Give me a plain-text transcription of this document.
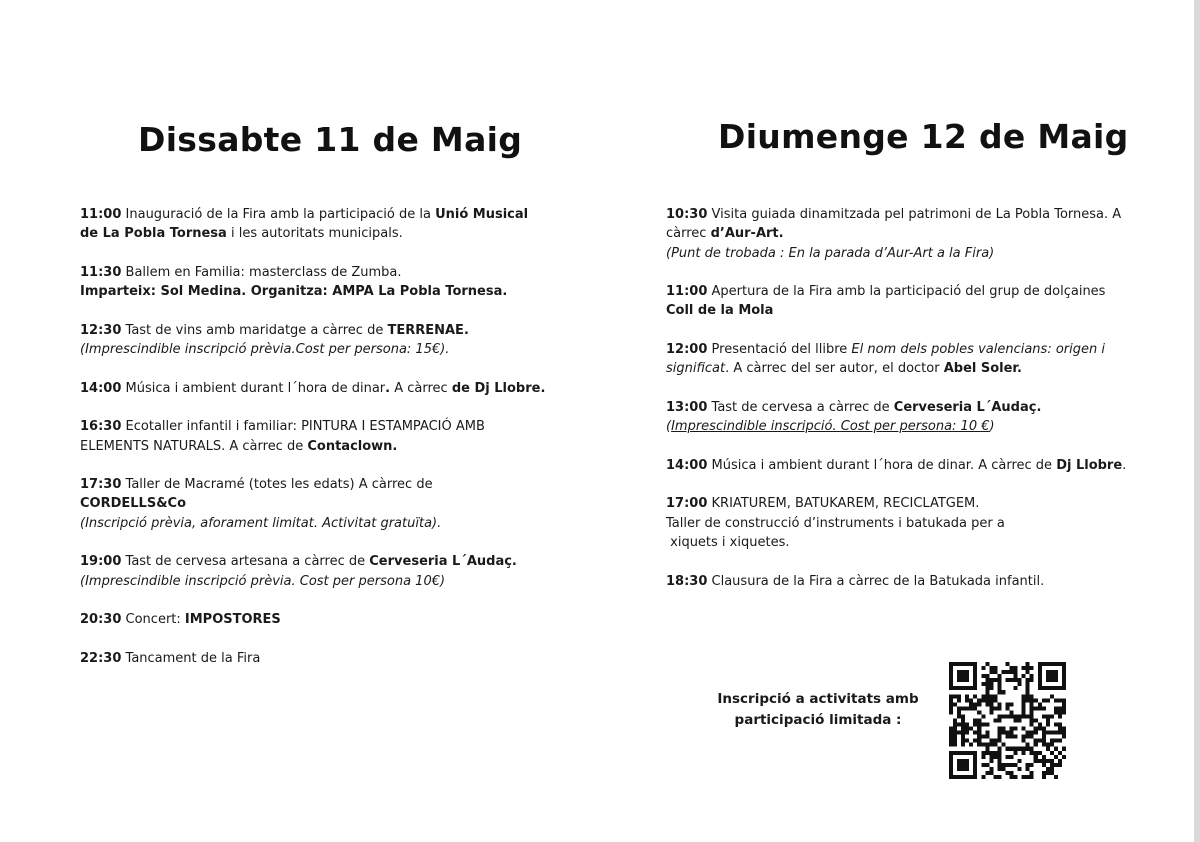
Dissabte 11 de Maig

11:00 Inauguració de la Fira amb la participació de la Unió Musical de La Pobla Tornesa i les autoritats municipals.

11:30 Ballem en Familia: masterclass de Zumba.
Imparteix: Sol Medina. Organitza: AMPA La Pobla Tornesa.

12:30 Tast de vins amb maridatge a càrrec de TERRENAE.
(Imprescindible inscripció prèvia.Cost per persona: 15€).

14:00 Música i ambient durant l´hora de dinar. A càrrec de Dj Llobre.

16:30 Ecotaller infantil i familiar: PINTURA I ESTAMPACIÓ AMB ELEMENTS NATURALS. A càrrec de Contaclown.

17:30 Taller de Macramé (totes les edats) A càrrec de
CORDELLS&Co
(Inscripció prèvia, aforament limitat. Activitat gratuïta).

19:00 Tast de cervesa artesana a càrrec de Cerveseria L´Audaç.
(Imprescindible inscripció prèvia. Cost per persona 10€)

20:30 Concert: IMPOSTORES

22:30 Tancament de la Fira

Diumenge 12 de Maig

10:30 Visita guiada dinamitzada pel patrimoni de La Pobla Tornesa. A càrrec d’Aur-Art.
(Punt de trobada : En la parada d’Aur-Art a la Fira)

11:00 Apertura de la Fira amb la participació del grup de dolçaines Coll de la Mola

12:00 Presentació del llibre El nom dels pobles valencians: origen i significat. A càrrec del ser autor, el doctor Abel Soler.

13:00 Tast de cervesa a càrrec de Cerveseria L´Audaç.
(Imprescindible inscripció. Cost per persona: 10 €)

14:00 Música i ambient durant l´hora de dinar. A càrrec de Dj Llobre.

17:00 KRIATUREM, BATUKAREM, RECICLATGEM.
Taller de construcció d’instruments i batukada per a
xiquets i xiquetes.

18:30 Clausura de la Fira a càrrec de la Batukada infantil.

Inscripció a activitats amb
participació limitada :
